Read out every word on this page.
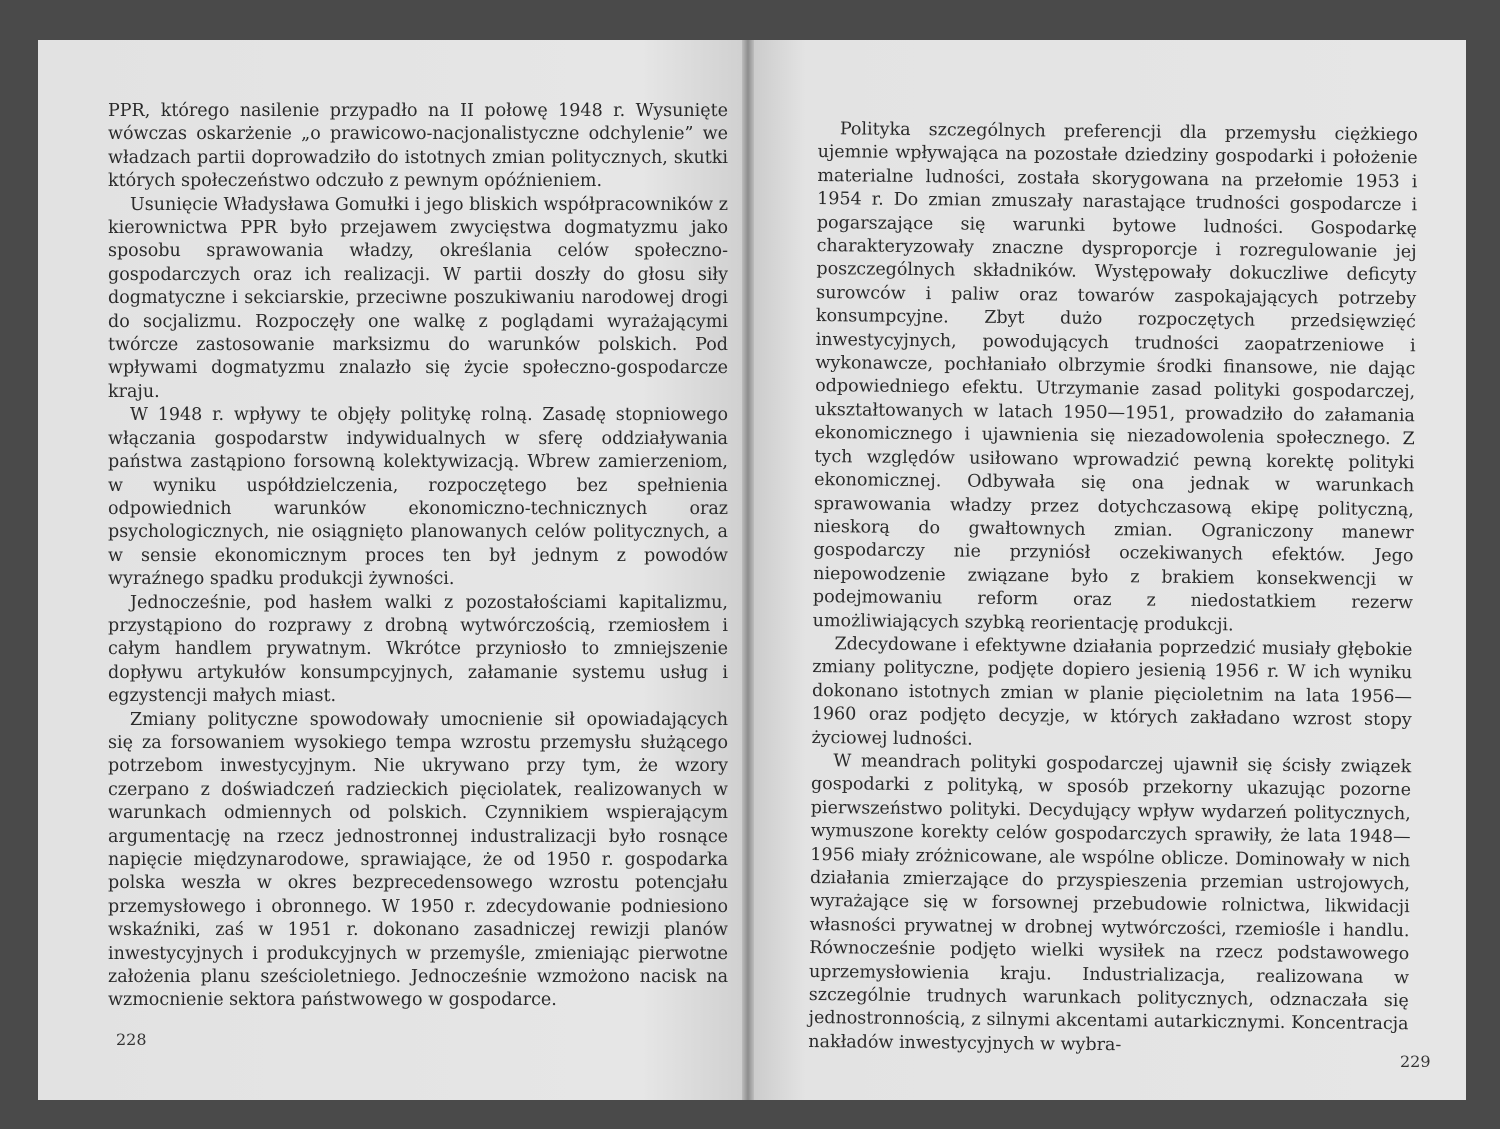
PPR, którego nasilenie przypadło na II połowę 1948 r. Wysunięte wówczas oskarżenie „o prawicowo-nacjonalistyczne odchylenie” we władzach partii doprowadziło do istotnych zmian politycznych, skutki których społeczeństwo odczuło z pewnym opóźnieniem.

Usunięcie Władysława Gomułki i jego bliskich współpracowników z kierownictwa PPR było przejawem zwycięstwa dogmatyzmu jako sposobu sprawowania władzy, określania celów społeczno-gospodarczych oraz ich realizacji. W partii doszły do głosu siły dogmatyczne i sekciarskie, przeciwne poszukiwaniu narodowej drogi do socjalizmu. Rozpoczęły one walkę z poglądami wyrażającymi twórcze zastosowanie marksizmu do warunków polskich. Pod wpływami dogmatyzmu znalazło się życie społeczno-gospodarcze kraju.

W 1948 r. wpływy te objęły politykę rolną. Zasadę stopniowego włączania gospodarstw indywidualnych w sferę oddziaływania państwa zastąpiono forsowną kolektywizacją. Wbrew zamierzeniom, w wyniku uspółdzielczenia, rozpoczętego bez spełnienia odpowiednich warunków ekonomiczno-technicznych oraz psychologicznych, nie osiągnięto planowanych celów politycznych, a w sensie ekonomicznym proces ten był jednym z powodów wyraźnego spadku produkcji żywności.

Jednocześnie, pod hasłem walki z pozostałościami kapitalizmu, przystąpiono do rozprawy z drobną wytwórczością, rzemiosłem i całym handlem prywatnym. Wkrótce przyniosło to zmniejszenie dopływu artykułów konsumpcyjnych, załamanie systemu usług i egzystencji małych miast.

Zmiany polityczne spowodowały umocnienie sił opowiadających się za forsowaniem wysokiego tempa wzrostu przemysłu służącego potrzebom inwestycyjnym. Nie ukrywano przy tym, że wzory czerpano z doświadczeń radzieckich pięciolatek, realizowanych w warunkach odmiennych od polskich. Czynnikiem wspierającym argumentację na rzecz jednostronnej industralizacji było rosnące napięcie międzynarodowe, sprawiające, że od 1950 r. gospodarka polska weszła w okres bezprecedensowego wzrostu potencjału przemysłowego i obronnego. W 1950 r. zdecydowanie podniesiono wskaźniki, zaś w 1951 r. dokonano zasadniczej rewizji planów inwestycyjnych i produkcyjnych w przemyśle, zmieniając pierwotne założenia planu sześcioletniego. Jednocześnie wzmożono nacisk na wzmocnienie sektora państwowego w gospodarce.

228

Polityka szczególnych preferencji dla przemysłu ciężkiego ujemnie wpływająca na pozostałe dziedziny gospodarki i położenie materialne ludności, została skorygowana na przełomie 1953 i 1954 r. Do zmian zmuszały narastające trudności gospodarcze i pogarszające się warunki bytowe ludności. Gospodarkę charakteryzowały znaczne dysproporcje i rozregulowanie jej poszczególnych składników. Występowały dokuczliwe deficyty surowców i paliw oraz towarów zaspokajających potrzeby konsumpcyjne. Zbyt dużo rozpoczętych przedsięwzięć inwestycyjnych, powodujących trudności zaopatrzeniowe i wykonawcze, pochłaniało olbrzymie środki finansowe, nie dając odpowiedniego efektu. Utrzymanie zasad polityki gospodarczej, ukształtowanych w latach 1950—1951, prowadziło do załamania ekonomicznego i ujawnienia się niezadowolenia społecznego. Z tych względów usiłowano wprowadzić pewną korektę polityki ekonomicznej. Odbywała się ona jednak w warunkach sprawowania władzy przez dotychczasową ekipę polityczną, nieskorą do gwałtownych zmian. Ograniczony manewr gospodarczy nie przyniósł oczekiwanych efektów. Jego niepowodzenie związane było z brakiem konsekwencji w podejmowaniu reform oraz z niedostatkiem rezerw umożliwiających szybką reorientację produkcji.

Zdecydowane i efektywne działania poprzedzić musiały głębokie zmiany polityczne, podjęte dopiero jesienią 1956 r. W ich wyniku dokonano istotnych zmian w planie pięcioletnim na lata 1956—1960 oraz podjęto decyzje, w których zakładano wzrost stopy życiowej ludności.

W meandrach polityki gospodarczej ujawnił się ścisły związek gospodarki z polityką, w sposób przekorny ukazując pozorne pierwszeństwo polityki. Decydujący wpływ wydarzeń politycznych, wymuszone korekty celów gospodarczych sprawiły, że lata 1948—1956 miały zróżnicowane, ale wspólne oblicze. Dominowały w nich działania zmierzające do przyspieszenia przemian ustrojowych, wyrażające się w forsownej przebudowie rolnictwa, likwidacji własności prywatnej w drobnej wytwórczości, rzemiośle i handlu. Równocześnie podjęto wielki wysiłek na rzecz podstawowego uprzemysłowienia kraju. Industrializacja, realizowana w szczególnie trudnych warunkach politycznych, odznaczała się jednostronnością, z silnymi akcentami autarkicznymi. Koncentracja nakładów inwestycyjnych w wybra-

229
